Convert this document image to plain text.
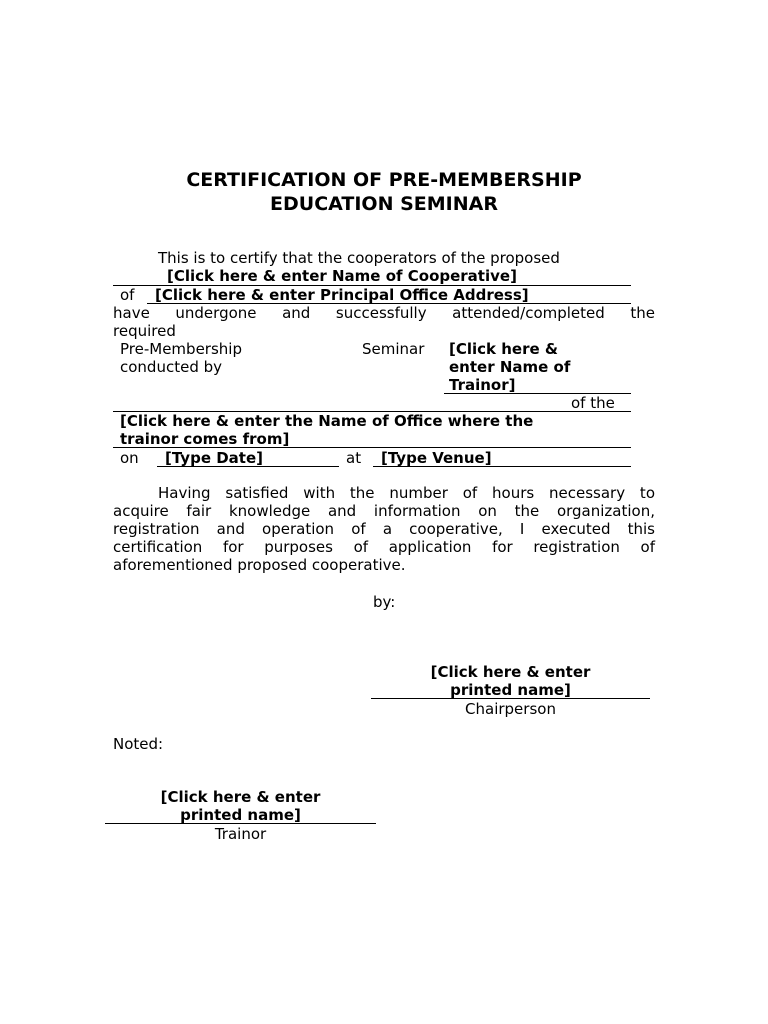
CERTIFICATION OF PRE-MEMBERSHIP
EDUCATION SEMINAR
This is to certify that the cooperators of the proposed
[Click here & enter Name of Cooperative]
of [Click here & enter Principal Office Address]
have undergone and successfully attended/completed the
required
Pre-Membership	Seminar
conducted by
[Click here &
enter Name of
Trainor]
of the
[Click here & enter the Name of Office where the
trainor comes from]
on [Type Date]	at [Type Venue]
Having satisfied with the number of hours necessary to
acquire fair knowledge and information on the organization,
registration and operation of a cooperative, I executed this
certification for purposes of application for registration of
aforementioned proposed cooperative.
by:
[Click here & enter
printed name]
Chairperson
Noted:
[Click here & enter
printed name]
Trainor
